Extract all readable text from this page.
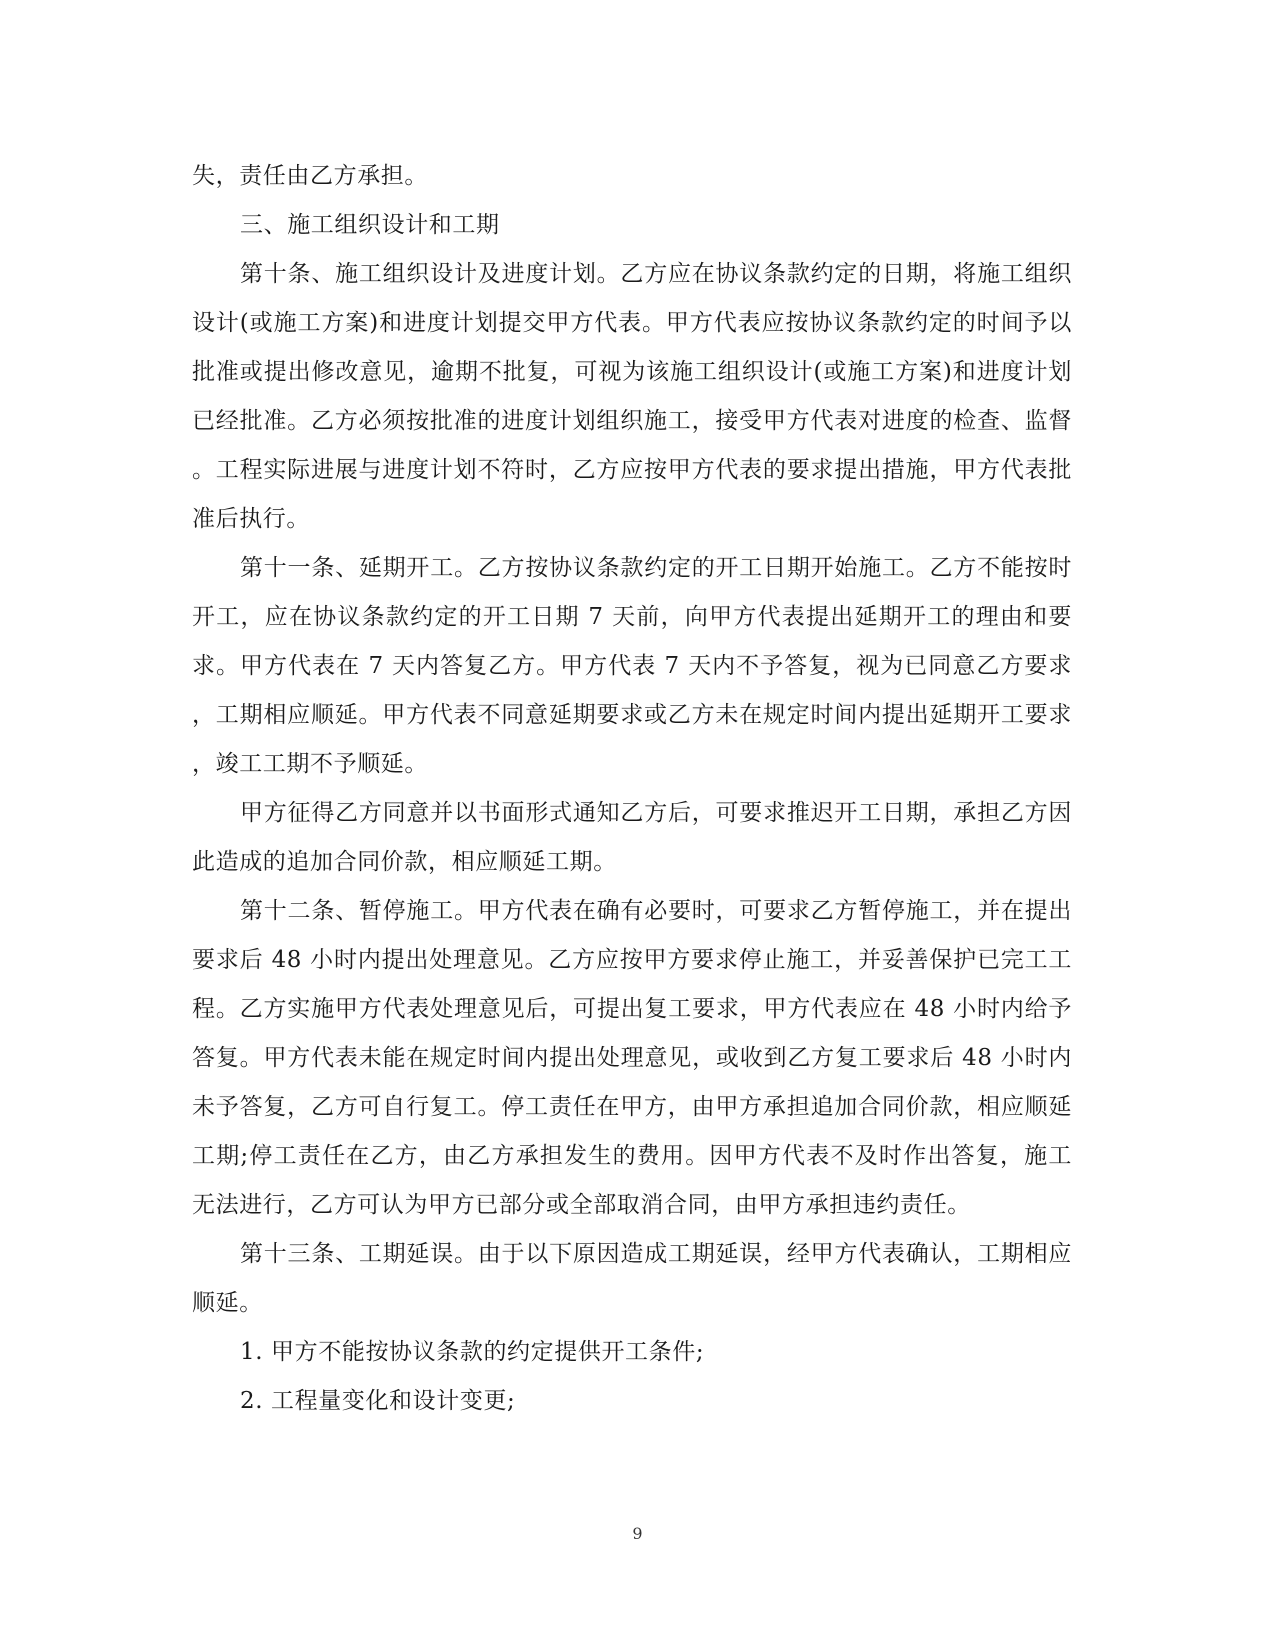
失，责任由乙方承担。

三、施工组织设计和工期

第十条、施工组织设计及进度计划。乙方应在协议条款约定的日期，将施工组织设计(或施工方案)和进度计划提交甲方代表。甲方代表应按协议条款约定的时间予以批准或提出修改意见，逾期不批复，可视为该施工组织设计(或施工方案)和进度计划已经批准。乙方必须按批准的进度计划组织施工，接受甲方代表对进度的检查、监督。工程实际进展与进度计划不符时，乙方应按甲方代表的要求提出措施，甲方代表批准后执行。

第十一条、延期开工。乙方按协议条款约定的开工日期开始施工。乙方不能按时开工，应在协议条款约定的开工日期 7 天前，向甲方代表提出延期开工的理由和要求。甲方代表在 7 天内答复乙方。甲方代表 7 天内不予答复，视为已同意乙方要求，工期相应顺延。甲方代表不同意延期要求或乙方未在规定时间内提出延期开工要求，竣工工期不予顺延。

甲方征得乙方同意并以书面形式通知乙方后，可要求推迟开工日期，承担乙方因此造成的追加合同价款，相应顺延工期。

第十二条、暂停施工。甲方代表在确有必要时，可要求乙方暂停施工，并在提出要求后 48 小时内提出处理意见。乙方应按甲方要求停止施工，并妥善保护已完工工程。乙方实施甲方代表处理意见后，可提出复工要求，甲方代表应在 48 小时内给予答复。甲方代表未能在规定时间内提出处理意见，或收到乙方复工要求后 48 小时内未予答复，乙方可自行复工。停工责任在甲方，由甲方承担追加合同价款，相应顺延工期;停工责任在乙方，由乙方承担发生的费用。因甲方代表不及时作出答复，施工无法进行，乙方可认为甲方已部分或全部取消合同，由甲方承担违约责任。

第十三条、工期延误。由于以下原因造成工期延误，经甲方代表确认，工期相应顺延。

1. 甲方不能按协议条款的约定提供开工条件;

2. 工程量变化和设计变更;

9
